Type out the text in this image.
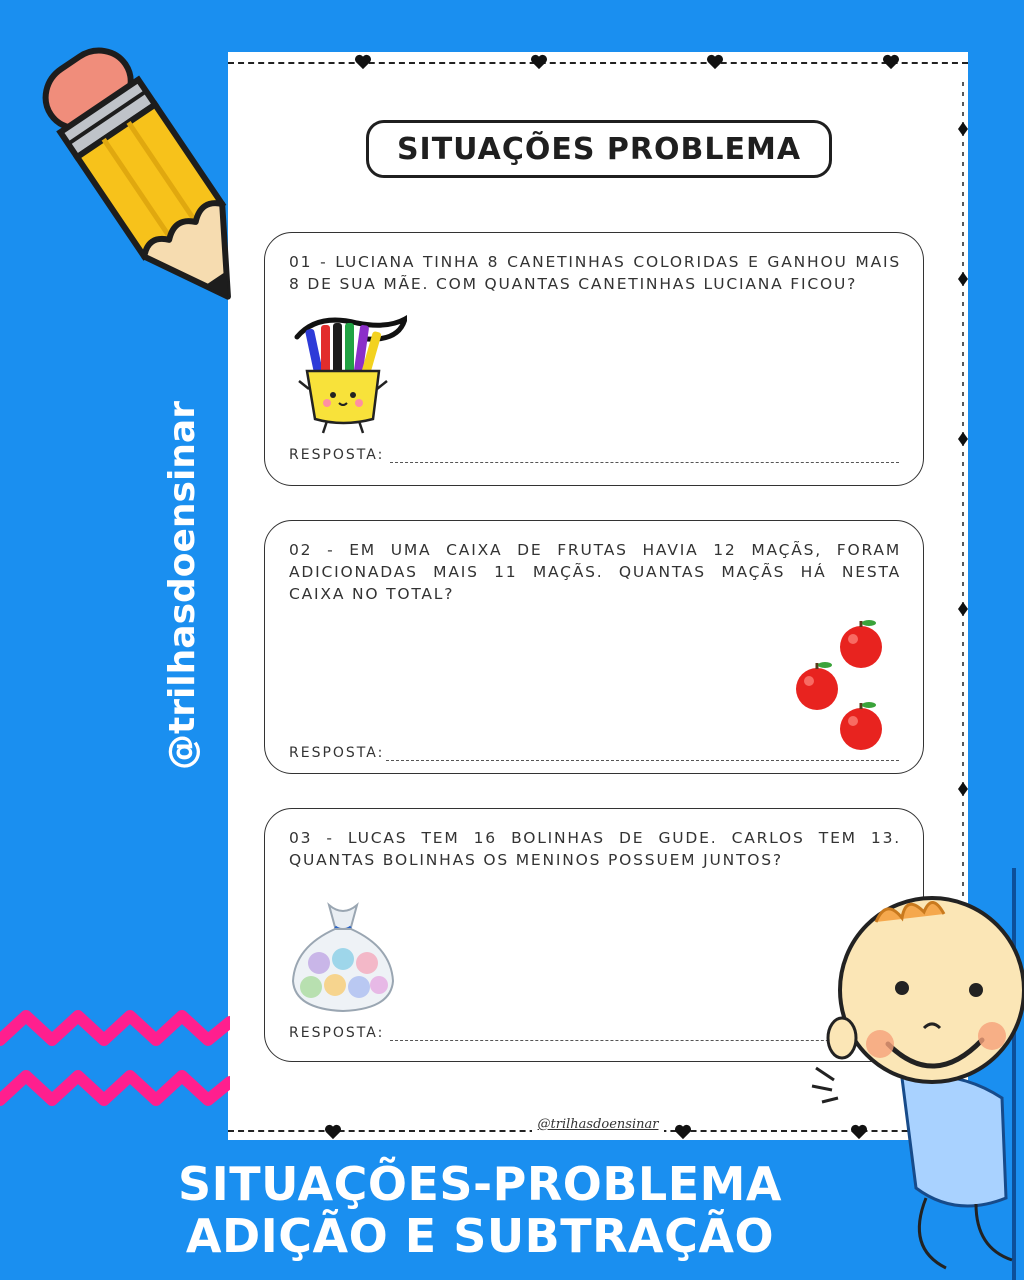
SITUAÇÕES PROBLEMA
01 - LUCIANA TINHA 8 CANETINHAS COLORIDAS E GANHOU MAIS 8 DE SUA MÃE. COM QUANTAS CANETINHAS LUCIANA FICOU?
RESPOSTA:
02 - EM UMA CAIXA DE FRUTAS HAVIA 12 MAÇÃS, FORAM ADICIONADAS MAIS 11 MAÇÃS. QUANTAS MAÇÃS HÁ NESTA CAIXA NO TOTAL?
RESPOSTA:
03 - LUCAS TEM 16 BOLINHAS DE GUDE. CARLOS TEM 13. QUANTAS BOLINHAS OS MENINOS POSSUEM JUNTOS?
RESPOSTA:
@trilhasdoensinar
@trilhasdoensinar
SITUAÇÕES-PROBLEMA
ADIÇÃO E SUBTRAÇÃO
